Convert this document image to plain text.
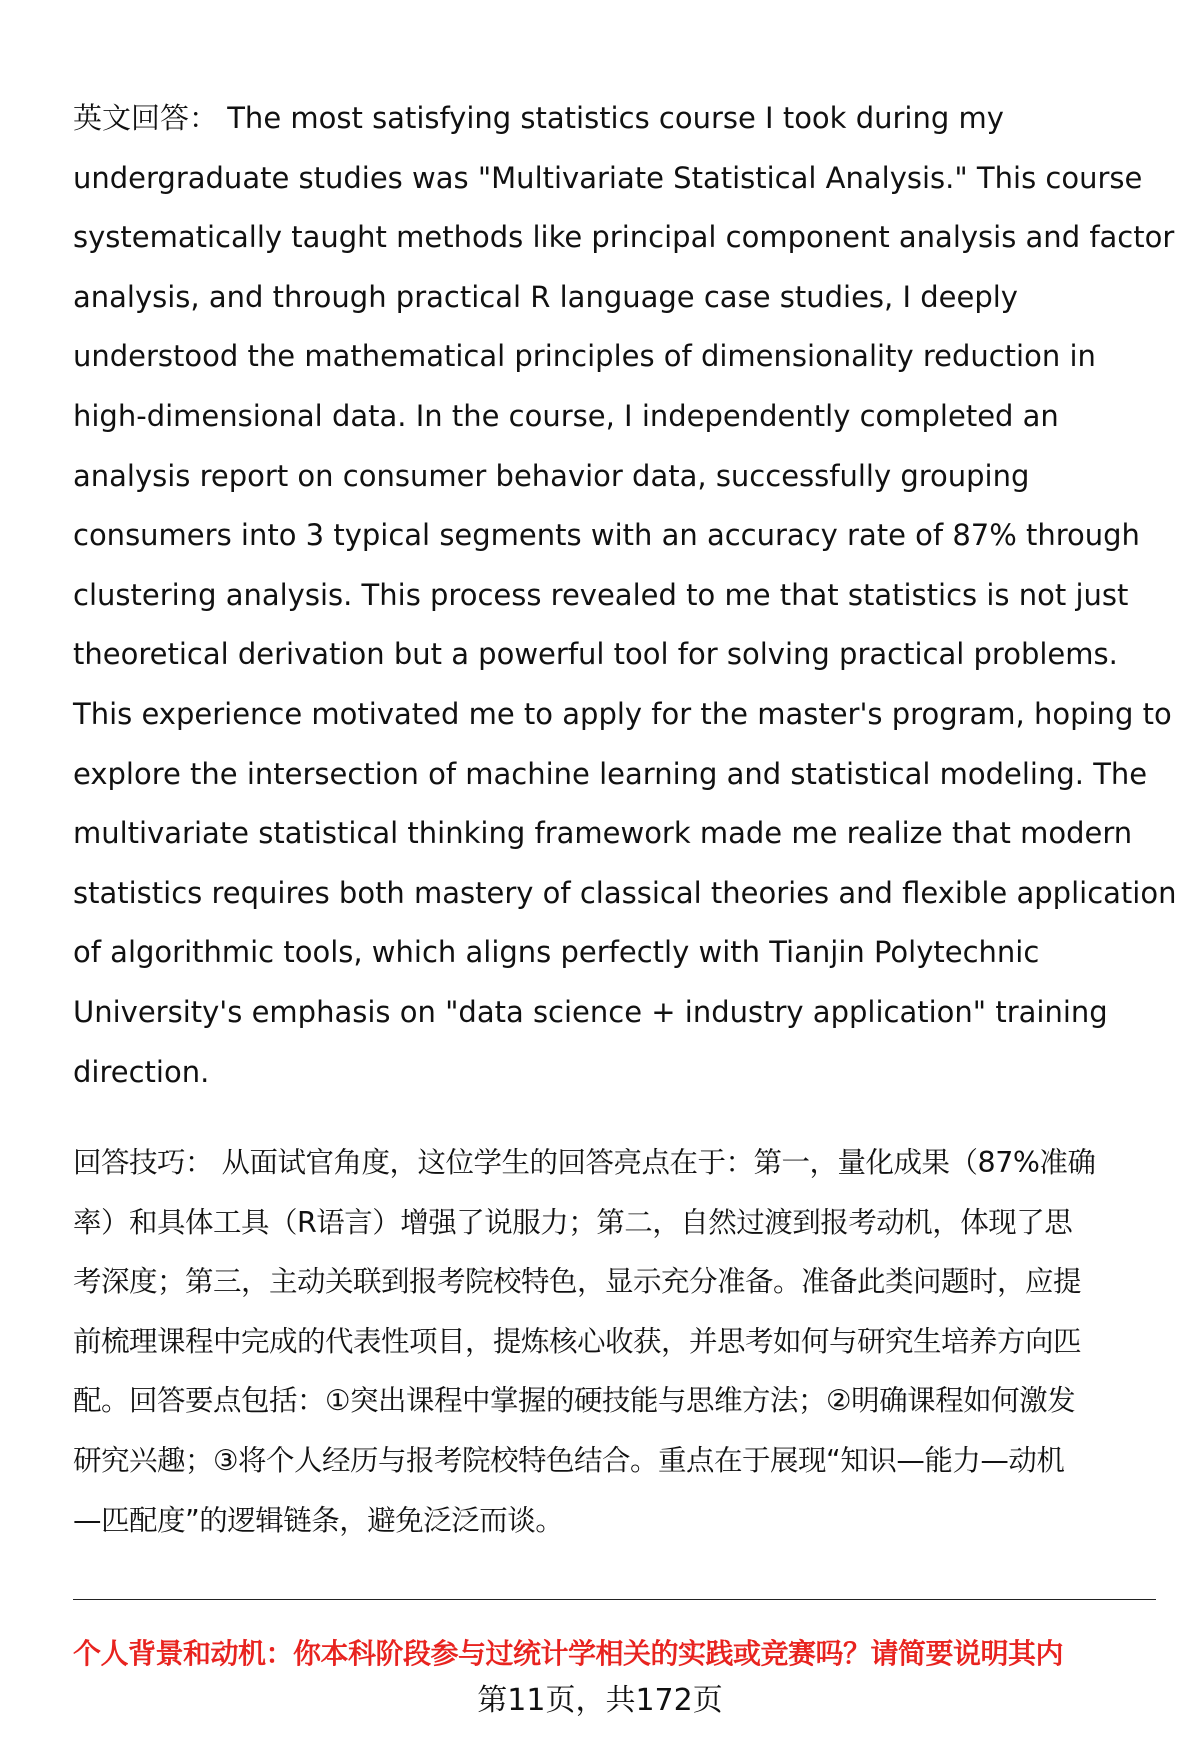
英文回答： The most satisfying statistics course I took during my
undergraduate studies was "Multivariate Statistical Analysis." This course
systematically taught methods like principal component analysis and factor
analysis, and through practical R language case studies, I deeply
understood the mathematical principles of dimensionality reduction in
high-dimensional data. In the course, I independently completed an
analysis report on consumer behavior data, successfully grouping
consumers into 3 typical segments with an accuracy rate of 87% through
clustering analysis. This process revealed to me that statistics is not just
theoretical derivation but a powerful tool for solving practical problems.
This experience motivated me to apply for the master's program, hoping to
explore the intersection of machine learning and statistical modeling. The
multivariate statistical thinking framework made me realize that modern
statistics requires both mastery of classical theories and flexible application
of algorithmic tools, which aligns perfectly with Tianjin Polytechnic
University's emphasis on "data science + industry application" training
direction.
回答技巧： 从面试官角度，这位学生的回答亮点在于：第一，量化成果（87%准确
率）和具体工具（R语言）增强了说服力；第二，自然过渡到报考动机，体现了思
考深度；第三，主动关联到报考院校特色，显示充分准备。准备此类问题时，应提
前梳理课程中完成的代表性项目，提炼核心收获，并思考如何与研究生培养方向匹
配。回答要点包括：①突出课程中掌握的硬技能与思维方法；②明确课程如何激发
研究兴趣；③将个人经历与报考院校特色结合。重点在于展现“知识—能力—动机
—匹配度”的逻辑链条，避免泛泛而谈。
个人背景和动机：你本科阶段参与过统计学相关的实践或竞赛吗？请简要说明其内
第11页，共172页
